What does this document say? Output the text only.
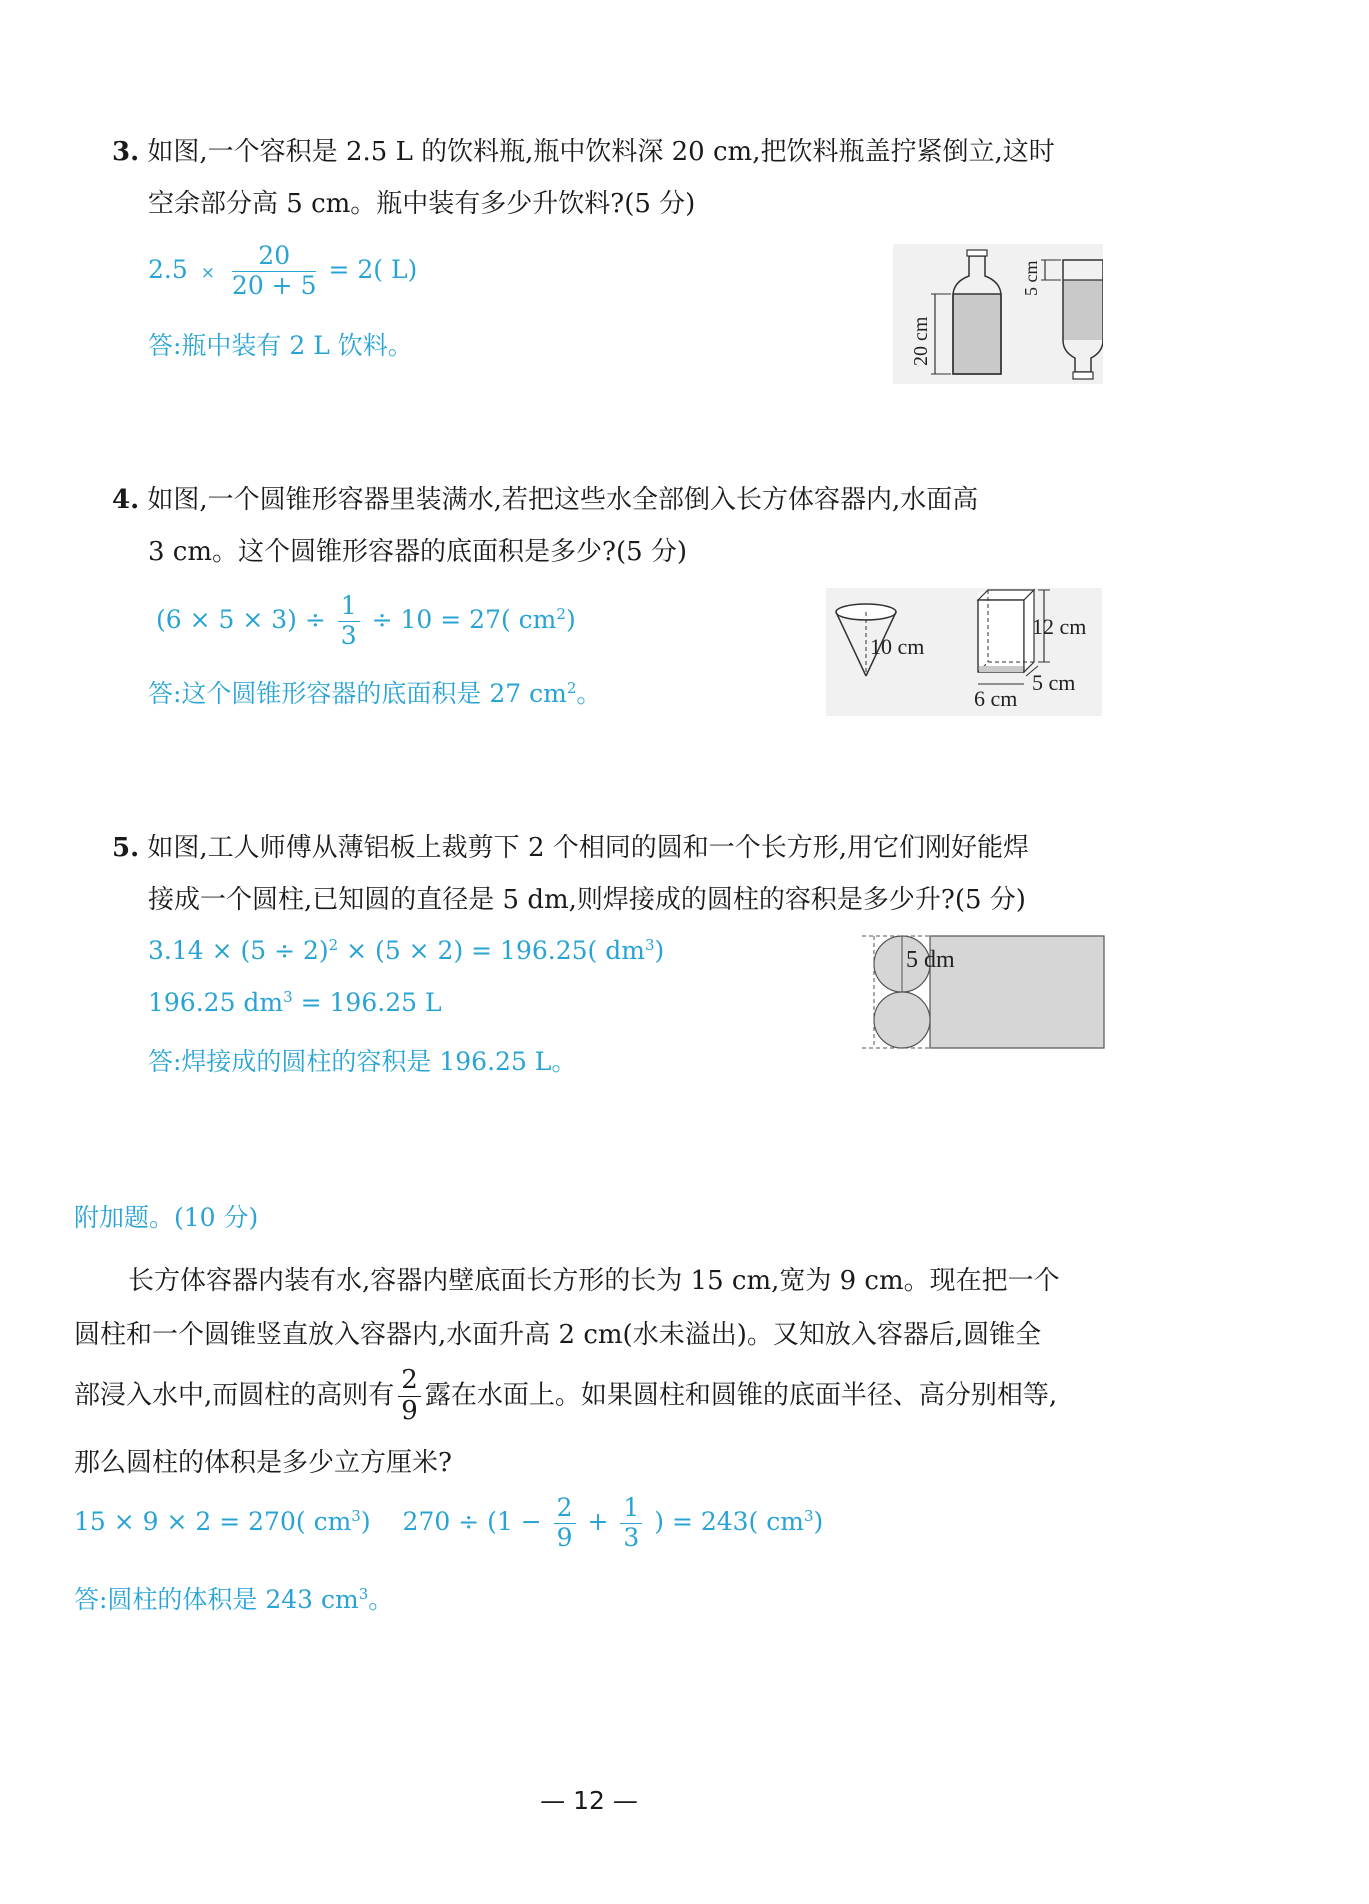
3. 如图,一个容积是 2.5 L 的饮料瓶,瓶中饮料深 20 cm,把饮料瓶盖拧紧倒立,这时
空余部分高 5 cm。瓶中装有多少升饮料?(5 分)
$2.5 \times \frac{20}{20 + 5} = 2$( L)
答:瓶中装有 2 L 饮料。	20 cm
5 cm
4. 如图,一个圆锥形容器里装满水,若把这些水全部倒入长方体容器内,水面高
3 cm。这个圆锥形容器的底面积是多少?(5 分)
$(6 \times 5 \times 3) \div \frac{1}{3} \div 10 = 27$( $cm^2$)
答:这个圆锥形容器的底面积是 27 $cm^2$。
10 cm
12 cm
5 cm
6 cm
5. 如图,工人师傅从薄铝板上裁剪下 2 个相同的圆和一个长方形,用它们刚好能焊
接成一个圆柱,已知圆的直径是 5 dm,则焊接成的圆柱的容积是多少升?(5 分)
$3.14 \times (5 \div 2)^2 \times (5 \times 2) = 196.25$( $dm^3$)
196.25 $dm^3 = 196.25$ L
答:焊接成的圆柱的容积是 196.25 L。
5 dm
附加题。(10 分)
长方体容器内装有水,容器内壁底面长方形的长为 15 cm,宽为 9 cm。现在把一个
圆柱和一个圆锥竖直放入容器内,水面升高 2 cm(水未溢出)。又知放入容器后,圆锥全
部浸入水中,而圆柱的高则有 $\frac{2}{9}$ 露在水面上。如果圆柱和圆锥的底面半径、高分别相等,
那么圆柱的体积是多少立方厘米?
15 × 9 × 2 = 270( $cm^3$) $270 \div (1 - \frac{2}{9} + \frac{1}{3}$ ) = 243( $cm^3$)
答:圆柱的体积是 243 $cm^3$。
— 12 —
